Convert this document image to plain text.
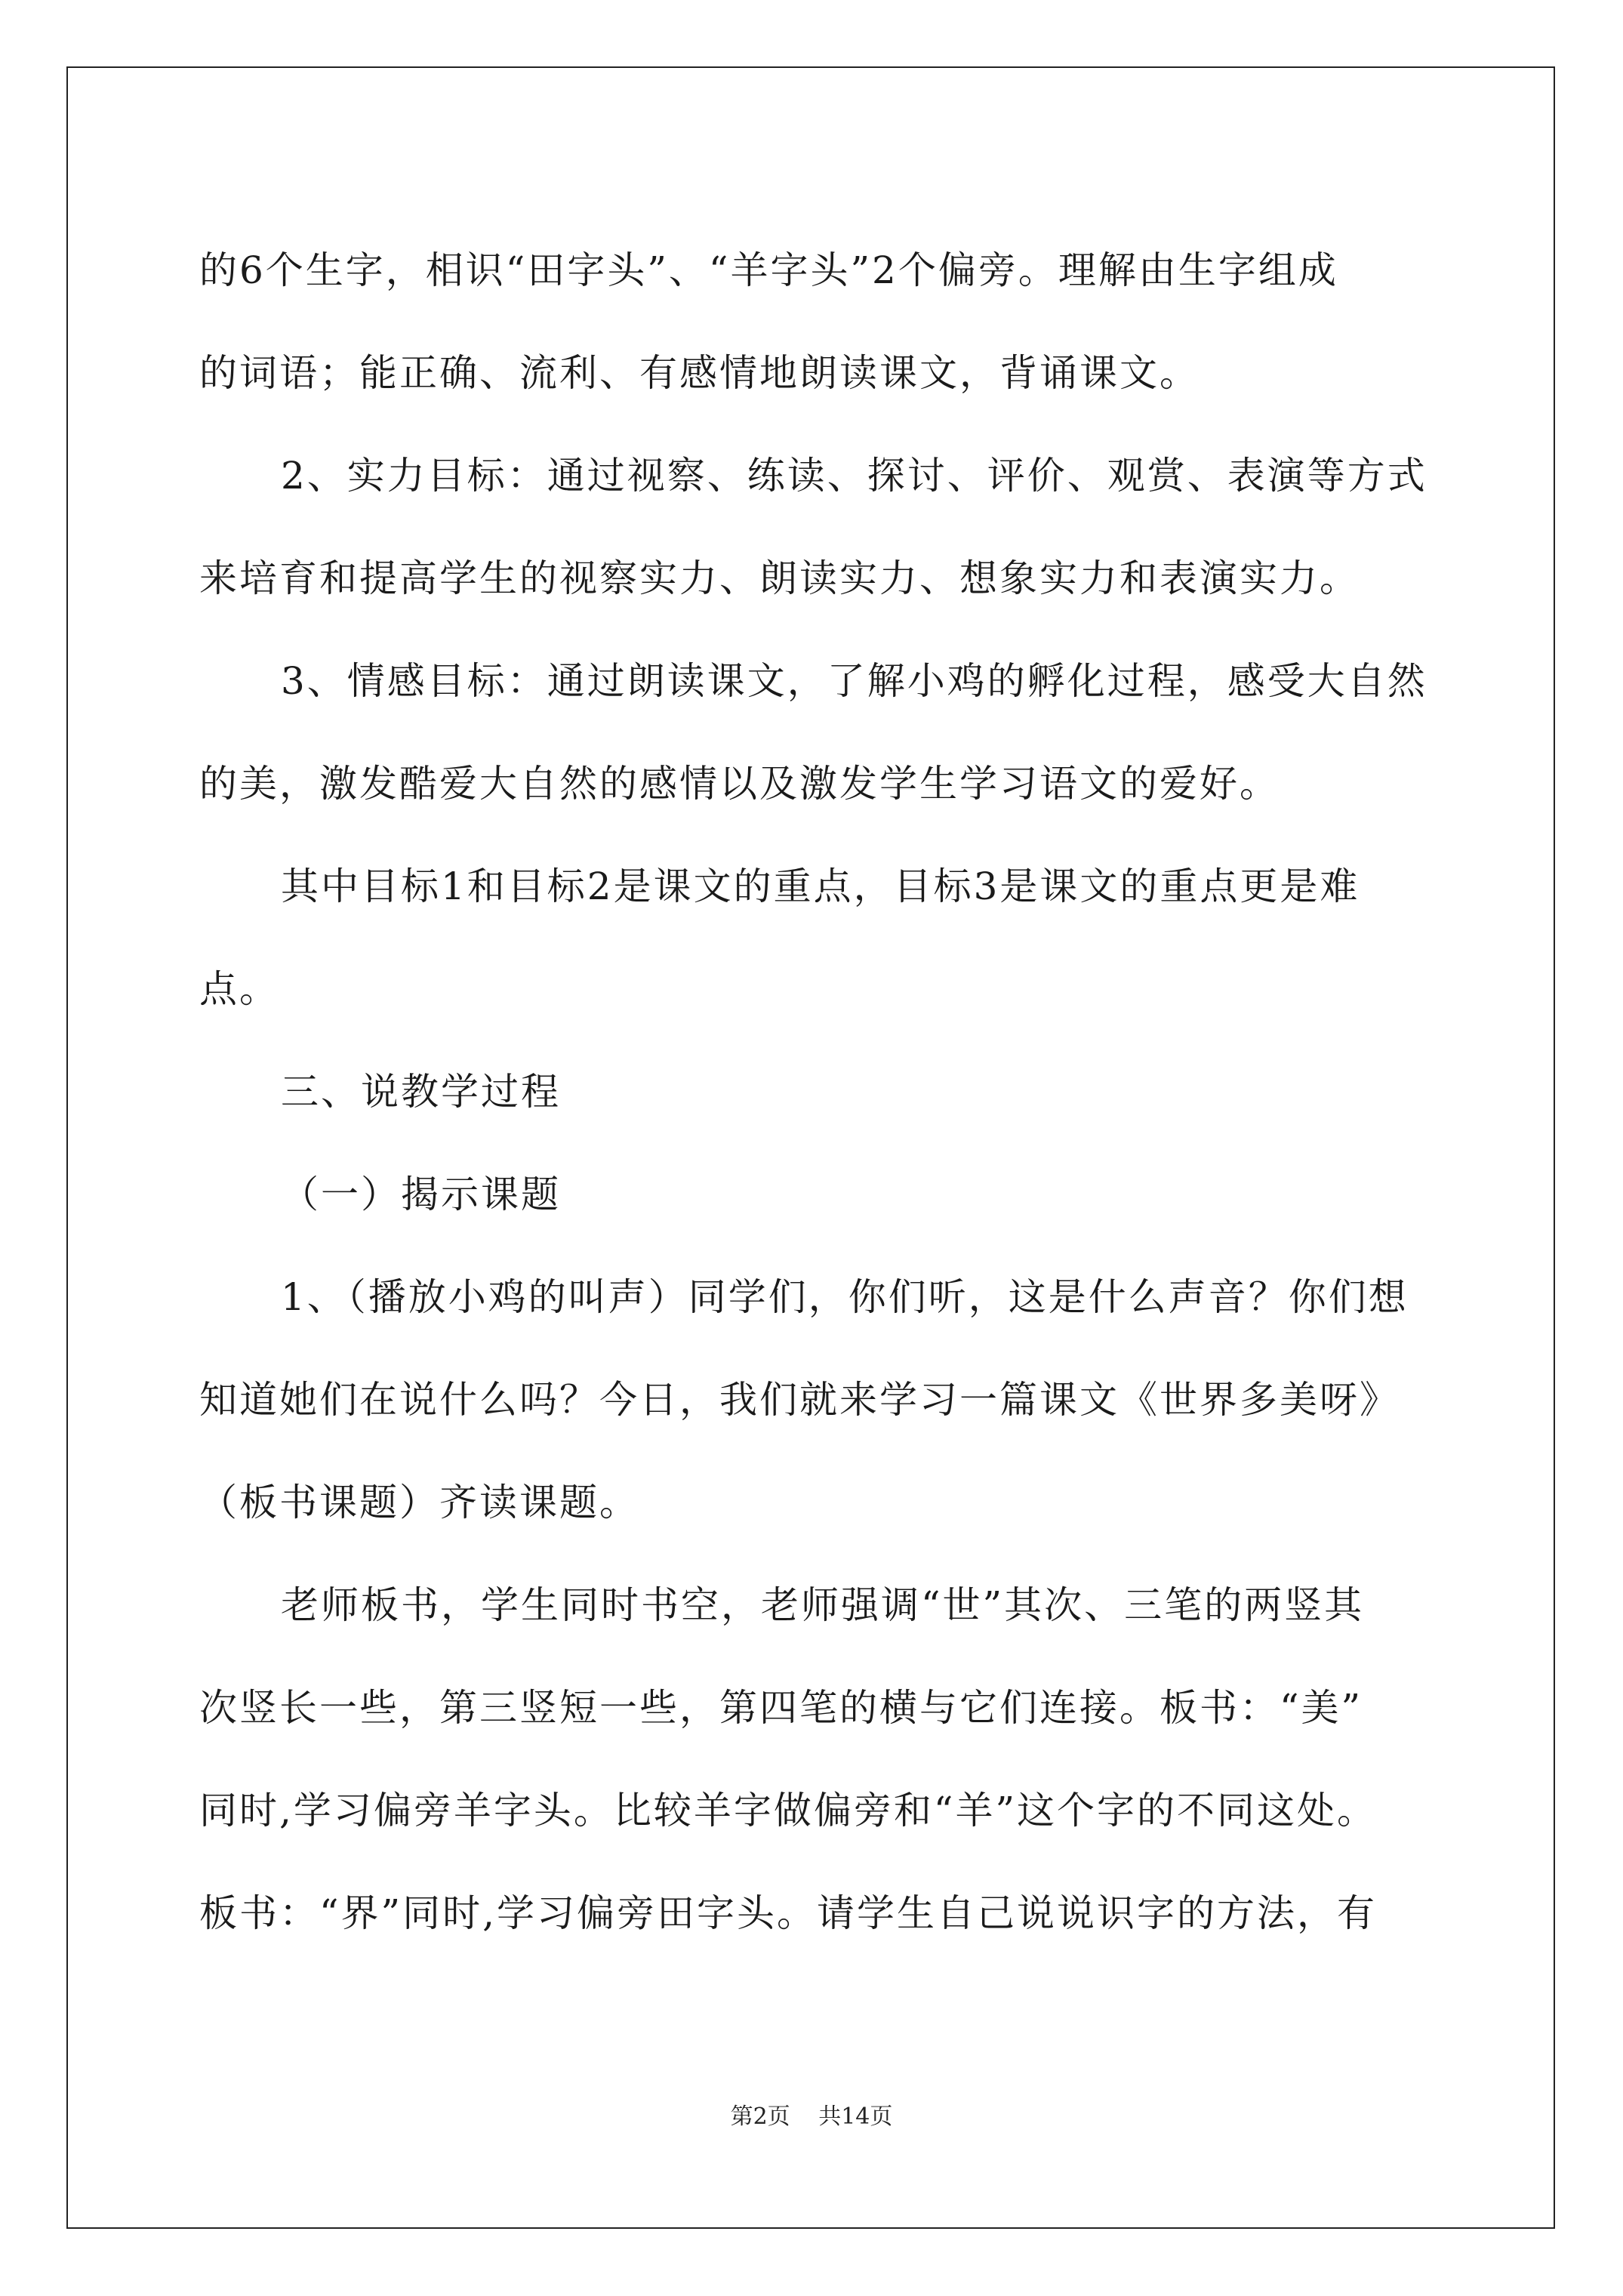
的6个生字，相识“田字头”、“羊字头”2个偏旁。理解由生字组成
的词语；能正确、流利、有感情地朗读课文，背诵课文。
2、实力目标：通过视察、练读、探讨、评价、观赏、表演等方式
来培育和提高学生的视察实力、朗读实力、想象实力和表演实力。
3、情感目标：通过朗读课文，了解小鸡的孵化过程，感受大自然
的美，激发酷爱大自然的感情以及激发学生学习语文的爱好。
其中目标1和目标2是课文的重点，目标3是课文的重点更是难
点。
三、说教学过程
（一）揭示课题
1、（播放小鸡的叫声）同学们，你们听，这是什么声音？你们想
知道她们在说什么吗？今日，我们就来学习一篇课文《世界多美呀》
（板书课题）齐读课题。
老师板书，学生同时书空，老师强调“世”其次、三笔的两竖其
次竖长一些，第三竖短一些，第四笔的横与它们连接。板书：“美”
同时,学习偏旁羊字头。比较羊字做偏旁和“羊”这个字的不同这处。
板书：“界”同时,学习偏旁田字头。请学生自己说说识字的方法，有
第2页 共14页
